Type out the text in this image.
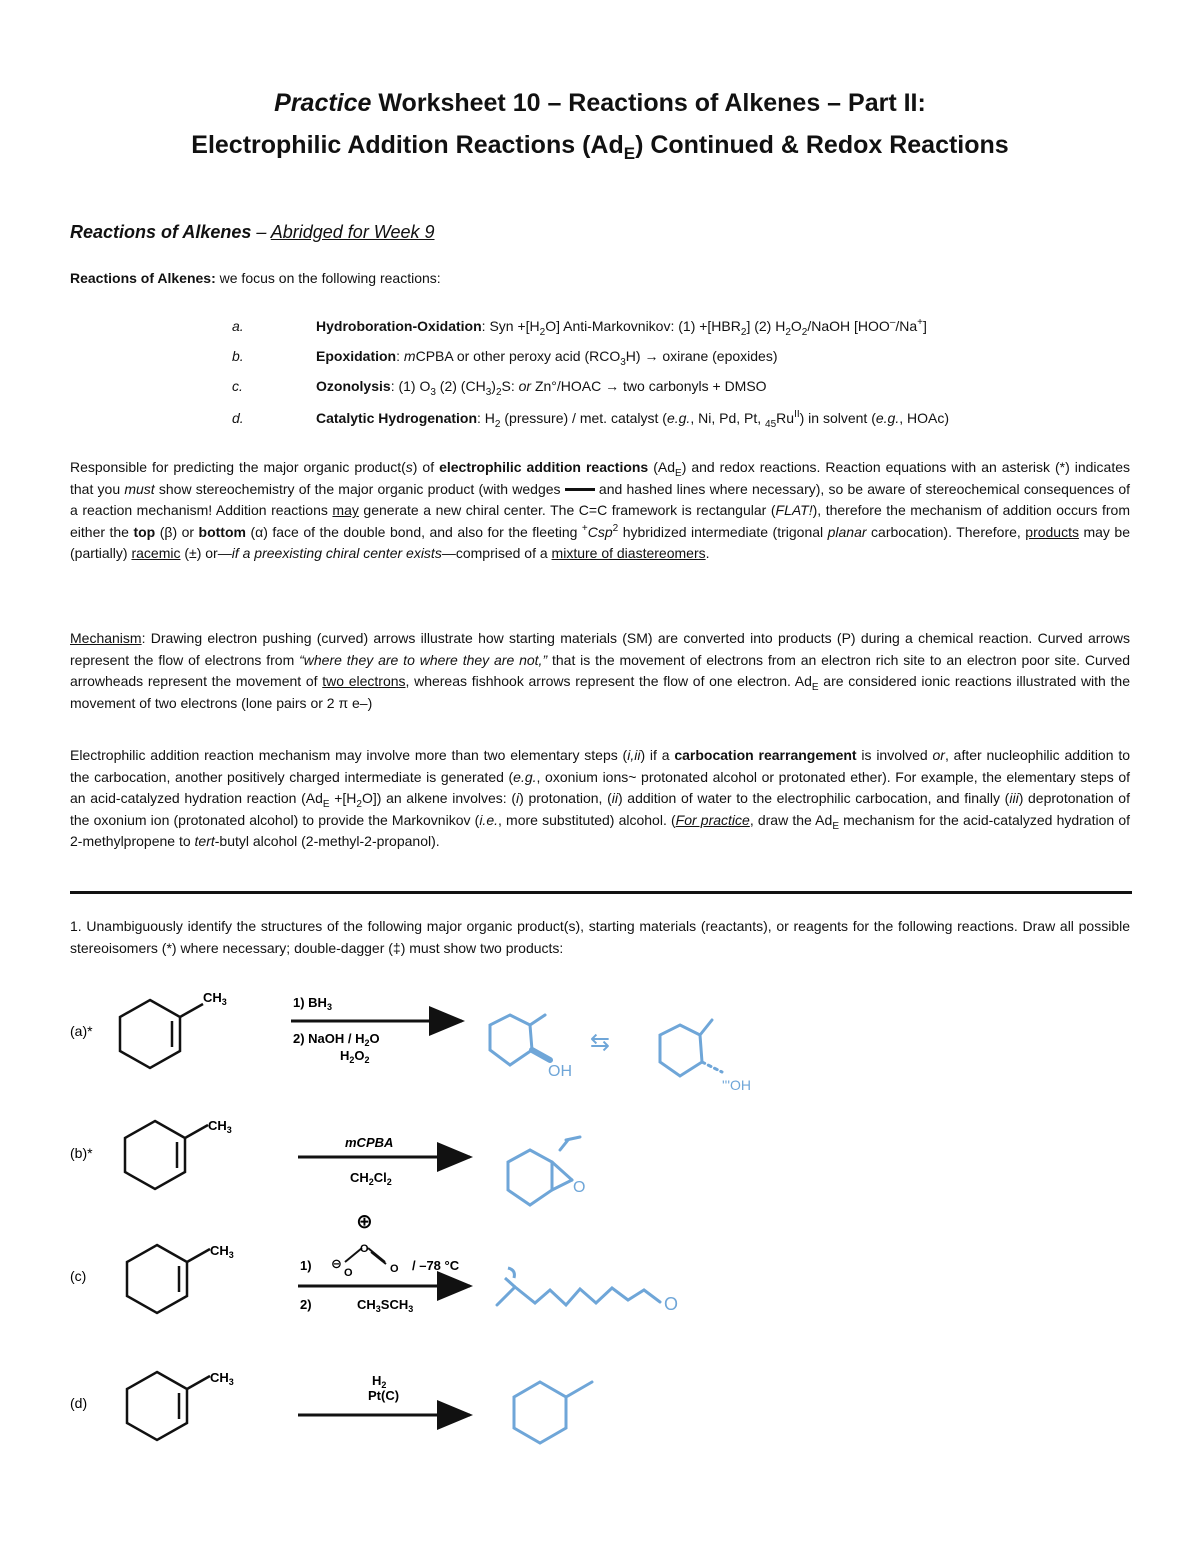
Practice Worksheet 10 – Reactions of Alkenes – Part II:
Electrophilic Addition Reactions $(Ad_E)$ Continued & Redox Reactions
Reactions of Alkenes – Abridged for Week 9
Reactions of Alkenes: we focus on the following reactions:
a.	Hydroboration-Oxidation: Syn $+[H_2O]$ Anti-Markovnikov: $(1) +[HBR_2]$ (2) $H_2O_2$/NaOH [HOO–/Na+]
b.	Epoxidation: mCPBA or other peroxy acid $(RCO_3H)$ → oxirane (epoxides)
c.	Ozonolysis: (1) $O_3$ (2) $(CH_3)_2S$: or Zn°/HOAC → two carbonyls + DMSO
d.	Catalytic Hydrogenation: $H_2$ (pressure) / met. catalyst (e.g., Ni, Pd, Pt, $_{45}Ru^{II}$) in solvent (e.g., HOAc)
Responsible for predicting the major organic product(s) of electrophilic addition reactions $(Ad_E)$ and redox reactions. Reaction equations with an asterisk (*) indicates that you must show stereochemistry of the major organic product (with wedges  and hashed lines where necessary), so be aware of stereochemical consequences of a reaction mechanism! Addition reactions may generate a new chiral center. The C=C framework is rectangular (FLAT!), therefore the mechanism of addition occurs from either the top (β) or bottom (α) face of the double bond, and also for the fleeting +Csp$^2$ hybridized intermediate (trigonal planar carbocation). Therefore, products may be (partially) racemic (±) or—if a preexisting chiral center exists—comprised of a mixture of diastereomers.
Mechanism: Drawing electron pushing (curved) arrows illustrate how starting materials (SM) are converted into products (P) during a chemical reaction. Curved arrows represent the flow of electrons from “where they are to where they are not,” that is the movement of electrons from an electron rich site to an electron poor site. Curved arrowheads represent the movement of two electrons, whereas fishhook arrows represent the flow of one electron. $Ad_E$ are considered ionic reactions illustrated with the movement of two electrons (lone pairs or 2 π e–)
Electrophilic addition reaction mechanism may involve more than two elementary steps (i,ii) if a carbocation rearrangement is involved or, after nucleophilic addition to the carbocation, another positively charged intermediate is generated (e.g., oxonium ions~ protonated alcohol or protonated ether). For example, the elementary steps of an acid-catalyzed hydration reaction $(Ad_E +[H_2O])$ an alkene involves: (i) protonation, (ii) addition of water to the electrophilic carbocation, and finally (iii) deprotonation of the oxonium ion (protonated alcohol) to provide the Markovnikov (i.e., more substituted) alcohol. (For practice, draw the $Ad_E$ mechanism for the acid-catalyzed hydration of 2-methylpropene to tert-butyl alcohol (2-methyl-2-propanol).
1. Unambiguously identify the structures of the following major organic product(s), starting materials (reactants), or reagents for the following reactions. Draw all possible stereoisomers (*) where necessary; double-dagger (‡) must show two products:
(a)*
$CH_3$	1) $BH_3$
2) NaOH / $H_2O$
$H_2O_2$
OH
⇆
'''OH
(b)*
$CH_3$
mCPBA
$CH_2Cl_2$	O
(c)
$CH_3$
1) ⊖
⊕
O
O	O / –78 °C
2)	$CH_3SCH_3$	O
(d)
$CH_3$	$H_2$
Pt(C)
